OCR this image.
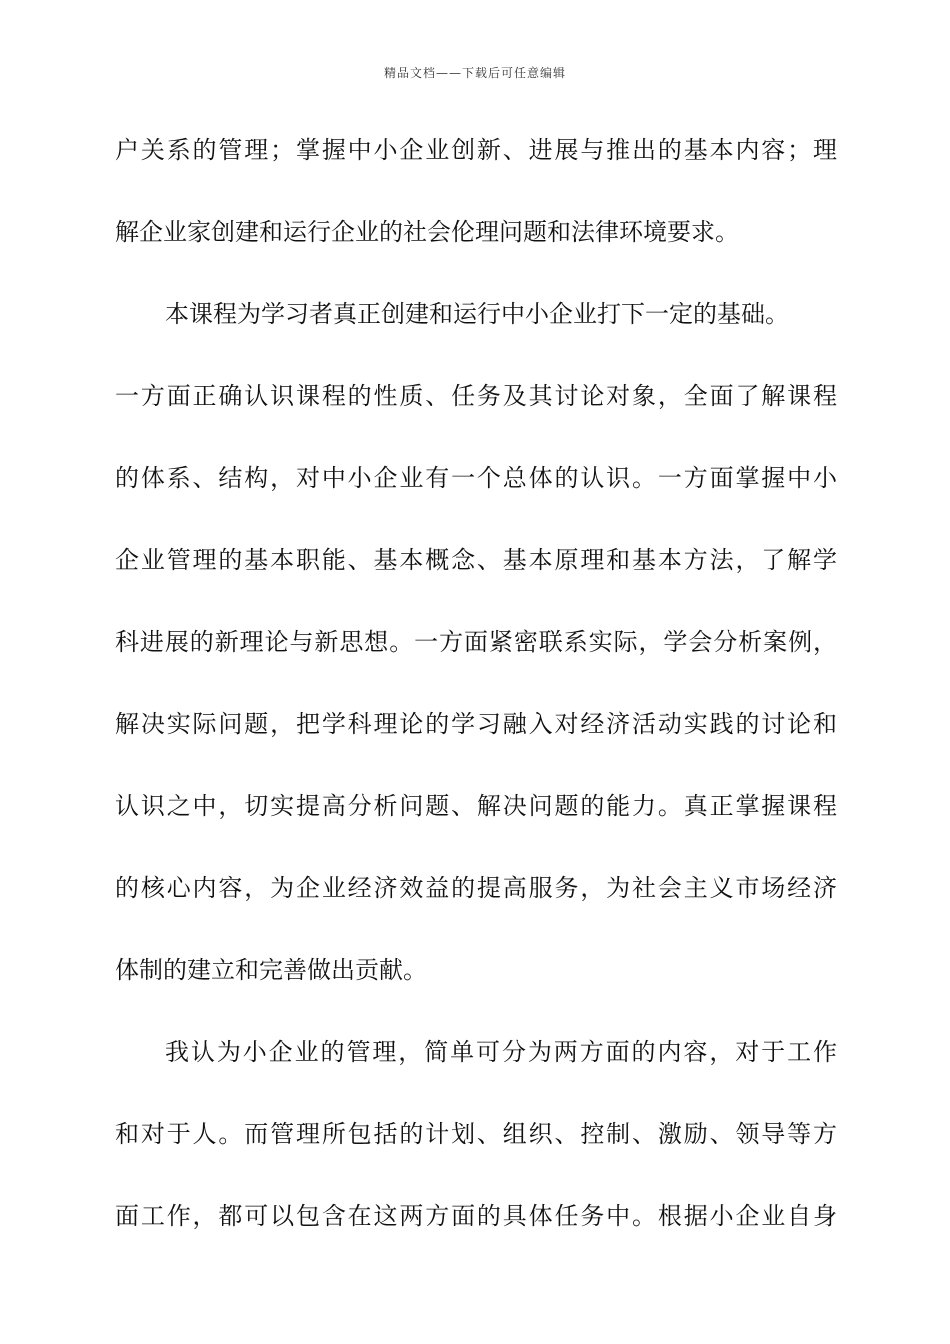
精品文档——下载后可任意编辑
户关系的管理；掌握中小企业创新、进展与推出的基本内容；理
解企业家创建和运行企业的社会伦理问题和法律环境要求。
本课程为学习者真正创建和运行中小企业打下一定的基础。
一方面正确认识课程的性质、任务及其讨论对象，全面了解课程
的体系、结构，对中小企业有一个总体的认识。一方面掌握中小
企业管理的基本职能、基本概念、基本原理和基本方法，了解学
科进展的新理论与新思想。一方面紧密联系实际，学会分析案例，
解决实际问题，把学科理论的学习融入对经济活动实践的讨论和
认识之中，切实提高分析问题、解决问题的能力。真正掌握课程
的核心内容，为企业经济效益的提高服务，为社会主义市场经济
体制的建立和完善做出贡献。
我认为小企业的管理，简单可分为两方面的内容，对于工作
和对于人。而管理所包括的计划、组织、控制、激励、领导等方
面工作，都可以包含在这两方面的具体任务中。根据小企业自身
